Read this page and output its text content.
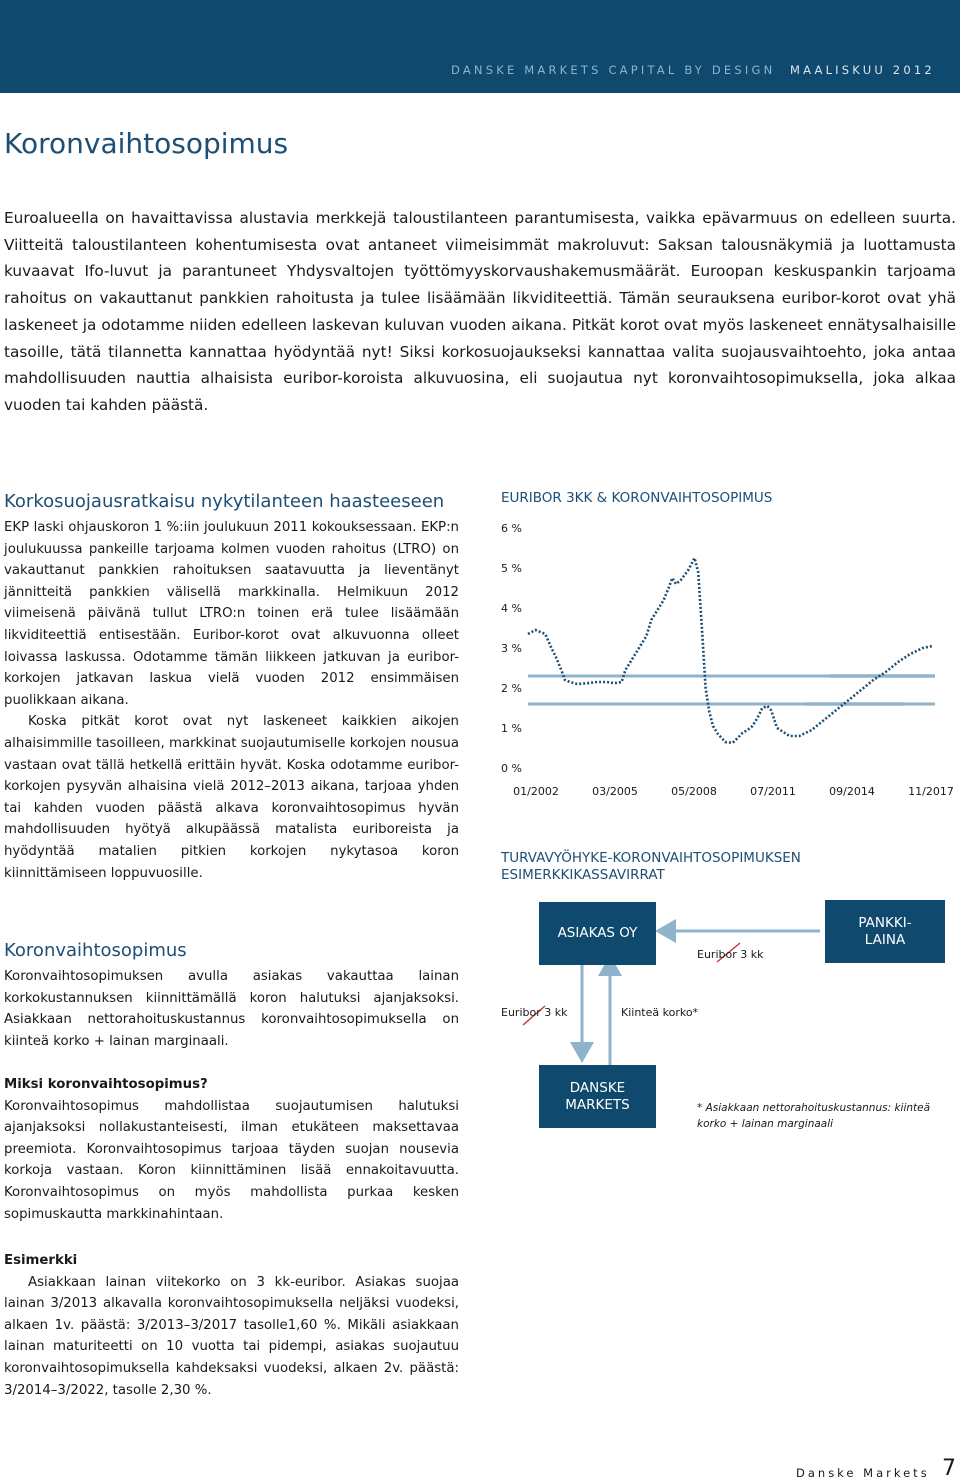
DANSKE MARKETS CAPITAL BY DESIGN MAALISKUU 2012
Koronvaihtosopimus

Euroalueella on havaittavissa alustavia merkkejä taloustilanteen parantumisesta, vaikka epävarmuus on edelleen suurta. Viitteitä taloustilanteen kohentumisesta ovat antaneet viimeisimmät makroluvut: Saksan talousnäkymiä ja luottamusta kuvaavat Ifo-luvut ja parantuneet Yhdysvaltojen työttömyyskorvaushakemusmäärät. Euroopan keskuspankin tarjoama rahoitus on vakauttanut pankkien rahoitusta ja tulee lisäämään likviditeettiä. Tämän seurauksena euribor-korot ovat yhä laskeneet ja odotamme niiden edelleen laskevan kuluvan vuoden aikana. Pitkät korot ovat myös laskeneet ennätysalhaisille tasoille, tätä tilannetta kannattaa hyödyntää nyt! Siksi korkosuojaukseksi kannattaa valita suojausvaihtoehto, joka antaa mahdollisuuden nauttia alhaisista euribor-koroista alkuvuosina, eli suojautua nyt koronvaihtosopimuksella, joka alkaa vuoden tai kahden päästä.

Korkosuojausratkaisu nykytilanteen haasteeseen

EKP laski ohjauskoron 1 %:iin joulukuun 2011 kokouksessaan. EKP:n joulukuussa pankeille tarjoama kolmen vuoden rahoitus (LTRO) on vakauttanut pankkien rahoituksen saatavuutta ja lieventänyt jännitteitä pankkien välisellä markkinalla. Helmikuun 2012 viimeisenä päivänä tullut LTRO:n toinen erä tulee lisäämään likviditeettiä entisestään. Euribor-korot ovat alkuvuonna olleet loivassa laskussa. Odotamme tämän liikkeen jatkuvan ja euribor-korkojen jatkavan laskua vielä vuoden 2012 ensimmäisen puolikkaan aikana.

Koska pitkät korot ovat nyt laskeneet kaikkien aikojen alhaisimmille tasoilleen, markkinat suojautumiselle korkojen nousua vastaan ovat tällä hetkellä erittäin hyvät. Koska odotamme euribor-korkojen pysyvän alhaisina vielä 2012–2013 aikana, tarjoaa yhden tai kahden vuoden päästä alkava koronvaihtosopimus hyvän mahdollisuuden hyötyä alkupäässä matalista euriboreista ja hyödyntää matalien pitkien korkojen nykytasoa koron kiinnittämiseen loppuvuosille.

Koronvaihtosopimus

Koronvaihtosopimuksen avulla asiakas vakauttaa lainan korkokustannuksen kiinnittämällä koron halutuksi ajanjaksoksi. Asiakkaan nettorahoituskustannus koronvaihtosopimuksella on kiinteä korko + lainan marginaali.

Miksi koronvaihtosopimus?

Koronvaihtosopimus mahdollistaa suojautumisen halutuksi ajanjaksoksi nollakustanteisesti, ilman etukäteen maksettavaa preemiota. Koronvaihtosopimus tarjoaa täyden suojan nousevia korkoja vastaan. Koron kiinnittäminen lisää ennakoitavuutta. Koronvaihtosopimus on myös mahdollista purkaa kesken sopimuskautta markkinahintaan.

Esimerkki

Asiakkaan lainan viitekorko on 3 kk-euribor. Asiakas suojaa lainan 3/2013 alkavalla koronvaihtosopimuksella neljäksi vuodeksi, alkaen 1v. päästä: 3/2013–3/2017 tasolle1,60 %. Mikäli asiakkaan lainan maturiteetti on 10 vuotta tai pidempi, asiakas suojautuu koronvaihtosopimuksella kahdeksaksi vuodeksi, alkaen 2v. päästä: 3/2014–3/2022, tasolle 2,30 %.

EURIBOR 3KK & KORONVAIHTOSOPIMUS
6 %
5 %
4 %
3 %
2 %
1 %
0 %
01/2002	03/2005	05/2008	07/2011	09/2014	11/2017
TURVAVYÖHYKE-KORONVAIHTOSOPIMUKSEN ESIMERKKIKASSAVIRRAT
ASIAKAS OY
PANKKI-
LAINA
DANSKE
MARKETS
Euribor 3 kk
Euribor 3 kk	Kiinteä korko*
* Asiakkaan nettorahoituskustannus: kiinteä korko + lainan marginaali
Danske Markets 7
